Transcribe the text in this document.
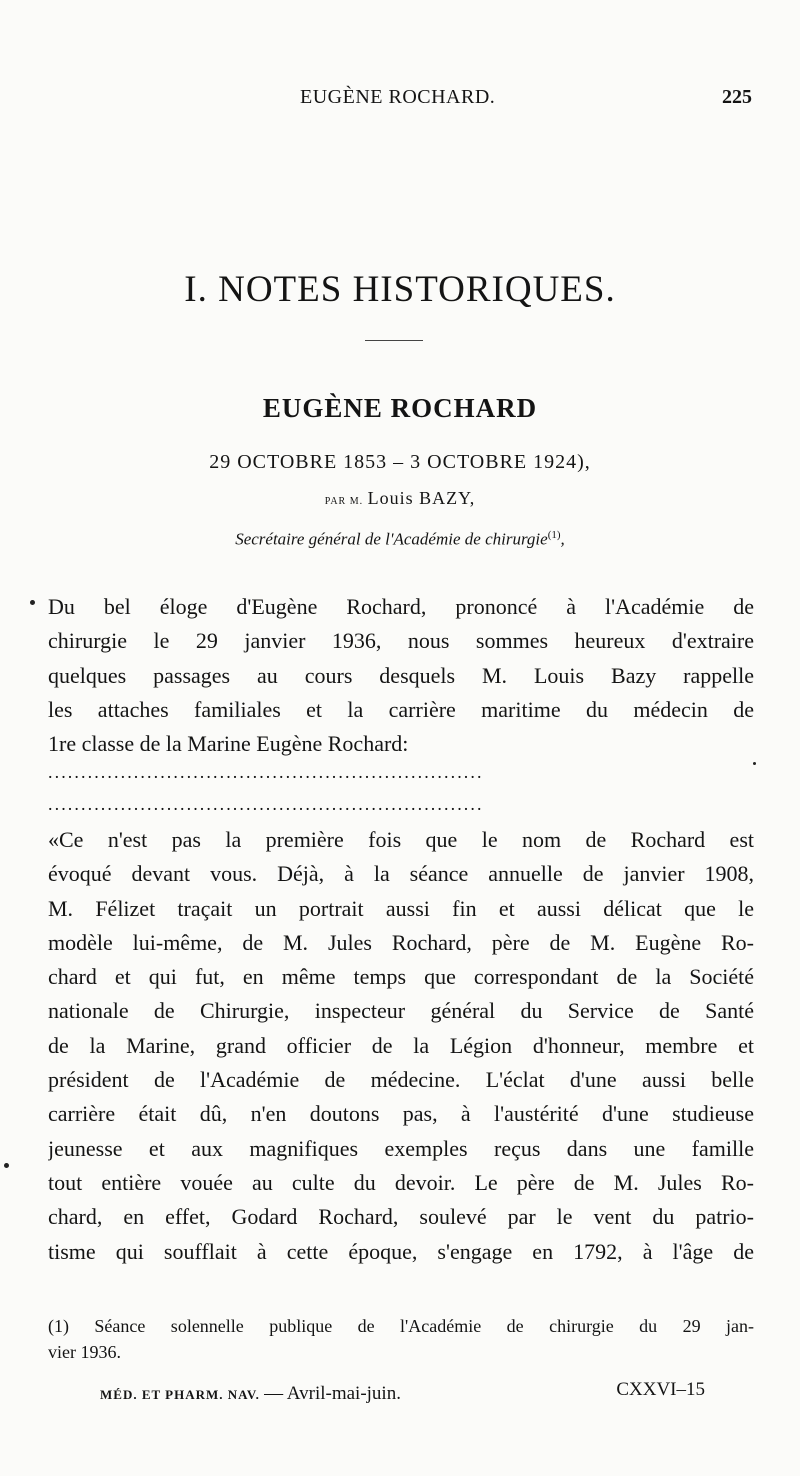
EUGÈNE ROCHARD.	225
I. NOTES HISTORIQUES.
EUGÈNE ROCHARD
29 OCTOBRE 1853 – 3 OCTOBRE 1924),
PAR M. Louis BAZY,
Secrétaire général de l'Académie de chirurgie$^{(1)}$,
Du bel éloge d'Eugène Rochard, prononcé à l'Académie de
chirurgie le 29 janvier 1936, nous sommes heureux d'extraire
quelques passages au cours desquels M. Louis Bazy rappelle
les attaches familiales et la carrière maritime du médecin de
1re classe de la Marine Eugène Rochard:
..................................................................
..................................................................
«Ce n'est pas la première fois que le nom de Rochard est
évoqué devant vous. Déjà, à la séance annuelle de janvier 1908,
M. Félizet traçait un portrait aussi fin et aussi délicat que le
modèle lui-même, de M. Jules Rochard, père de M. Eugène Ro-
chard et qui fut, en même temps que correspondant de la Société
nationale de Chirurgie, inspecteur général du Service de Santé
de la Marine, grand officier de la Légion d'honneur, membre et
président de l'Académie de médecine. L'éclat d'une aussi belle
carrière était dû, n'en doutons pas, à l'austérité d'une studieuse
jeunesse et aux magnifiques exemples reçus dans une famille
tout entière vouée au culte du devoir. Le père de M. Jules Ro-
chard, en effet, Godard Rochard, soulevé par le vent du patrio-
tisme qui soufflait à cette époque, s'engage en 1792, à l'âge de
(1) Séance solennelle publique de l'Académie de chirurgie du 29 jan-
vier 1936.
MÉD. ET PHARM. NAV. — Avril-mai-juin.	CXXVI–15
